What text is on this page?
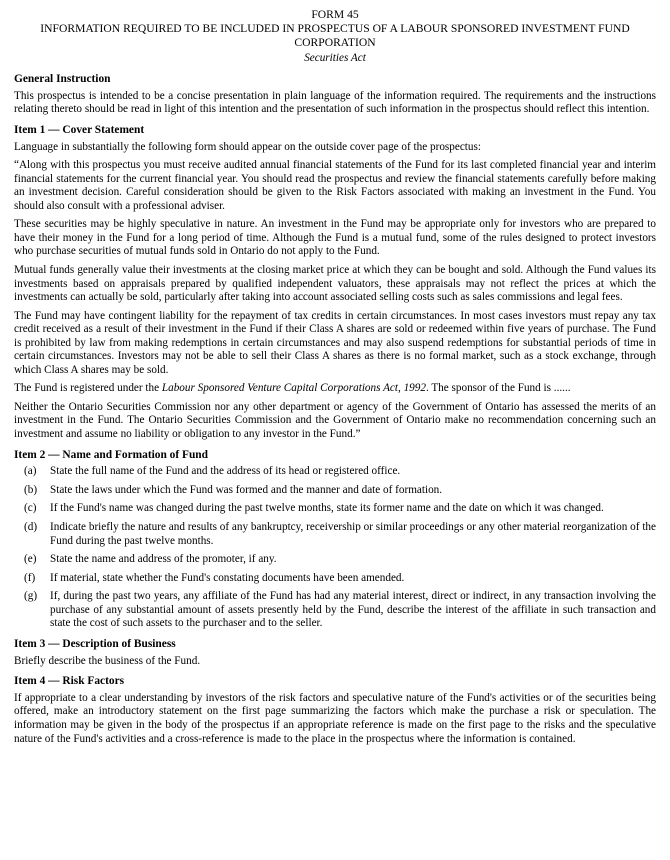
FORM 45
INFORMATION REQUIRED TO BE INCLUDED IN PROSPECTUS OF A LABOUR SPONSORED INVESTMENT FUND CORPORATION
Securities Act
General Instruction

This prospectus is intended to be a concise presentation in plain language of the information required. The requirements and the instructions relating thereto should be read in light of this intention and the presentation of such information in the prospectus should reflect this intention.

Item 1 — Cover Statement

Language in substantially the following form should appear on the outside cover page of the prospectus:

“Along with this prospectus you must receive audited annual financial statements of the Fund for its last completed financial year and interim financial statements for the current financial year. You should read the prospectus and review the financial statements carefully before making an investment decision. Careful consideration should be given to the Risk Factors associated with making an investment in the Fund. You should also consult with a professional adviser.

These securities may be highly speculative in nature. An investment in the Fund may be appropriate only for investors who are prepared to have their money in the Fund for a long period of time. Although the Fund is a mutual fund, some of the rules designed to protect investors who purchase securities of mutual funds sold in Ontario do not apply to the Fund.

Mutual funds generally value their investments at the closing market price at which they can be bought and sold. Although the Fund values its investments based on appraisals prepared by qualified independent valuators, these appraisals may not reflect the prices at which the investments can actually be sold, particularly after taking into account associated selling costs such as sales commissions and legal fees.

The Fund may have contingent liability for the repayment of tax credits in certain circumstances. In most cases investors must repay any tax credit received as a result of their investment in the Fund if their Class A shares are sold or redeemed within five years of purchase. The Fund is prohibited by law from making redemptions in certain circumstances and may also suspend redemptions for substantial periods of time in certain circumstances. Investors may not be able to sell their Class A shares as there is no formal market, such as a stock exchange, through which Class A shares may be sold.

The Fund is registered under the Labour Sponsored Venture Capital Corporations Act, 1992. The sponsor of the Fund is ......

Neither the Ontario Securities Commission nor any other department or agency of the Government of Ontario has assessed the merits of an investment in the Fund. The Ontario Securities Commission and the Government of Ontario make no recommendation concerning such an investment and assume no liability or obligation to any investor in the Fund.”

Item 2 — Name and Formation of Fund
(a)	State the full name of the Fund and the address of its head or registered office.
(b)	State the laws under which the Fund was formed and the manner and date of formation.
(c)	If the Fund's name was changed during the past twelve months, state its former name and the date on which it was changed.
(d)	Indicate briefly the nature and results of any bankruptcy, receivership or similar proceedings or any other material reorganization of the Fund during the past twelve months.
(e)	State the name and address of the promoter, if any.
(f)	If material, state whether the Fund's constating documents have been amended.
(g)	If, during the past two years, any affiliate of the Fund has had any material interest, direct or indirect, in any transaction involving the purchase of any substantial amount of assets presently held by the Fund, describe the interest of the affiliate in such transaction and state the cost of such assets to the purchaser and to the seller.
Item 3 — Description of Business

Briefly describe the business of the Fund.

Item 4 — Risk Factors

If appropriate to a clear understanding by investors of the risk factors and speculative nature of the Fund's activities or of the securities being offered, make an introductory statement on the first page summarizing the factors which make the purchase a risk or speculation. The information may be given in the body of the prospectus if an appropriate reference is made on the first page to the risks and the speculative nature of the Fund's activities and a cross-reference is made to the place in the prospectus where the information is contained.
